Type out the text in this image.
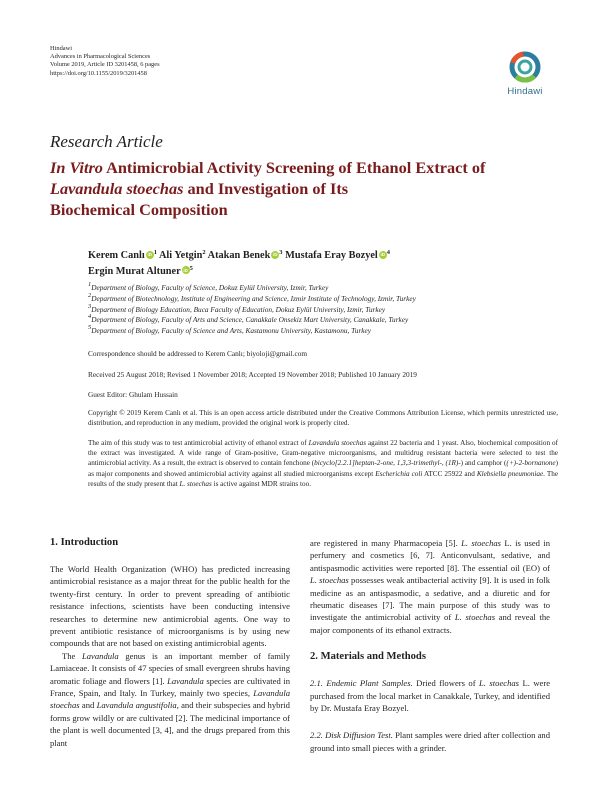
Hindawi
Advances in Pharmacological Sciences
Volume 2019, Article ID 3201458, 6 pages
https://doi.org/10.1155/2019/3201458
Hindawi
Research Article
In Vitro Antimicrobial Activity Screening of Ethanol Extract of
Lavandula stoechas and Investigation of Its
Biochemical Composition
Kerem Canlı iD $^1$ Ali Yetgin$^2$ Atakan Benek iD $^3$ Mustafa Eray Bozyel iD $^4$
Ergin Murat Altuner iD $^5$
$^1$Department of Biology, Faculty of Science, Dokuz Eylül University, Izmir, Turkey
$^2$Department of Biotechnology, Institute of Engineering and Science, Izmir Institute of Technology, Izmir, Turkey
$^3$Department of Biology Education, Buca Faculty of Education, Dokuz Eylül University, Izmir, Turkey
$^4$Department of Biology, Faculty of Arts and Science, Canakkale Onsekiz Mart University, Canakkale, Turkey
$^5$Department of Biology, Faculty of Science and Arts, Kastamonu University, Kastamonu, Turkey
Correspondence should be addressed to Kerem Canlı; biyoloji@gmail.com
Received 25 August 2018; Revised 1 November 2018; Accepted 19 November 2018; Published 10 January 2019
Guest Editor: Ghulam Hussain
Copyright © 2019 Kerem Canlı et al. This is an open access article distributed under the Creative Commons Attribution License, which permits unrestricted use, distribution, and reproduction in any medium, provided the original work is properly cited.
The aim of this study was to test antimicrobial activity of ethanol extract of Lavandula stoechas against 22 bacteria and 1 yeast. Also, biochemical composition of the extract was investigated. A wide range of Gram-positive, Gram-negative microorganisms, and multidrug resistant bacteria were selected to test the antimicrobial activity. As a result, the extract is observed to contain fenchone (bicyclo[2.2.1]heptan-2-one, 1,3,3-trimethyl-, (1R)-) and camphor ((+)-2-bornanone) as major components and showed antimicrobial activity against all studied microorganisms except Escherichia coli ATCC 25922 and Klebsiella pneumoniae. The results of the study present that L. stoechas is active against MDR strains too.
1. Introduction

The World Health Organization (WHO) has predicted increasing antimicrobial resistance as a major threat for the public health for the twenty-first century. In order to prevent spreading of antibiotic resistance infections, scientists have been conducting intensive researches to determine new antimicrobial agents. One way to prevent antibiotic resistance of microorganisms is by using new compounds that are not based on existing antimicrobial agents.

The Lavandula genus is an important member of family Lamiaceae. It consists of 47 species of small evergreen shrubs having aromatic foliage and flowers [1]. Lavandula species are cultivated in France, Spain, and Italy. In Turkey, mainly two species, Lavandula stoechas and Lavandula angustifolia, and their subspecies and hybrid forms grow wildly or are cultivated [2]. The medicinal importance of the plant is well documented [3, 4], and the drugs prepared from this plant

are registered in many Pharmacopeia [5]. L. stoechas L. is used in perfumery and cosmetics [6, 7]. Anticonvulsant, sedative, and antispasmodic activities were reported [8]. The essential oil (EO) of L. stoechas possesses weak antibacterial activity [9]. It is used in folk medicine as an antispasmodic, a sedative, and a diuretic and for rheumatic diseases [7]. The main purpose of this study was to investigate the antimicrobial activity of L. stoechas and reveal the major components of its ethanol extracts.

2. Materials and Methods

2.1. Endemic Plant Samples. Dried flowers of L. stoechas L. were purchased from the local market in Canakkale, Turkey, and identified by Dr. Mustafa Eray Bozyel.

2.2. Disk Diffusion Test. Plant samples were dried after collection and ground into small pieces with a grinder.
